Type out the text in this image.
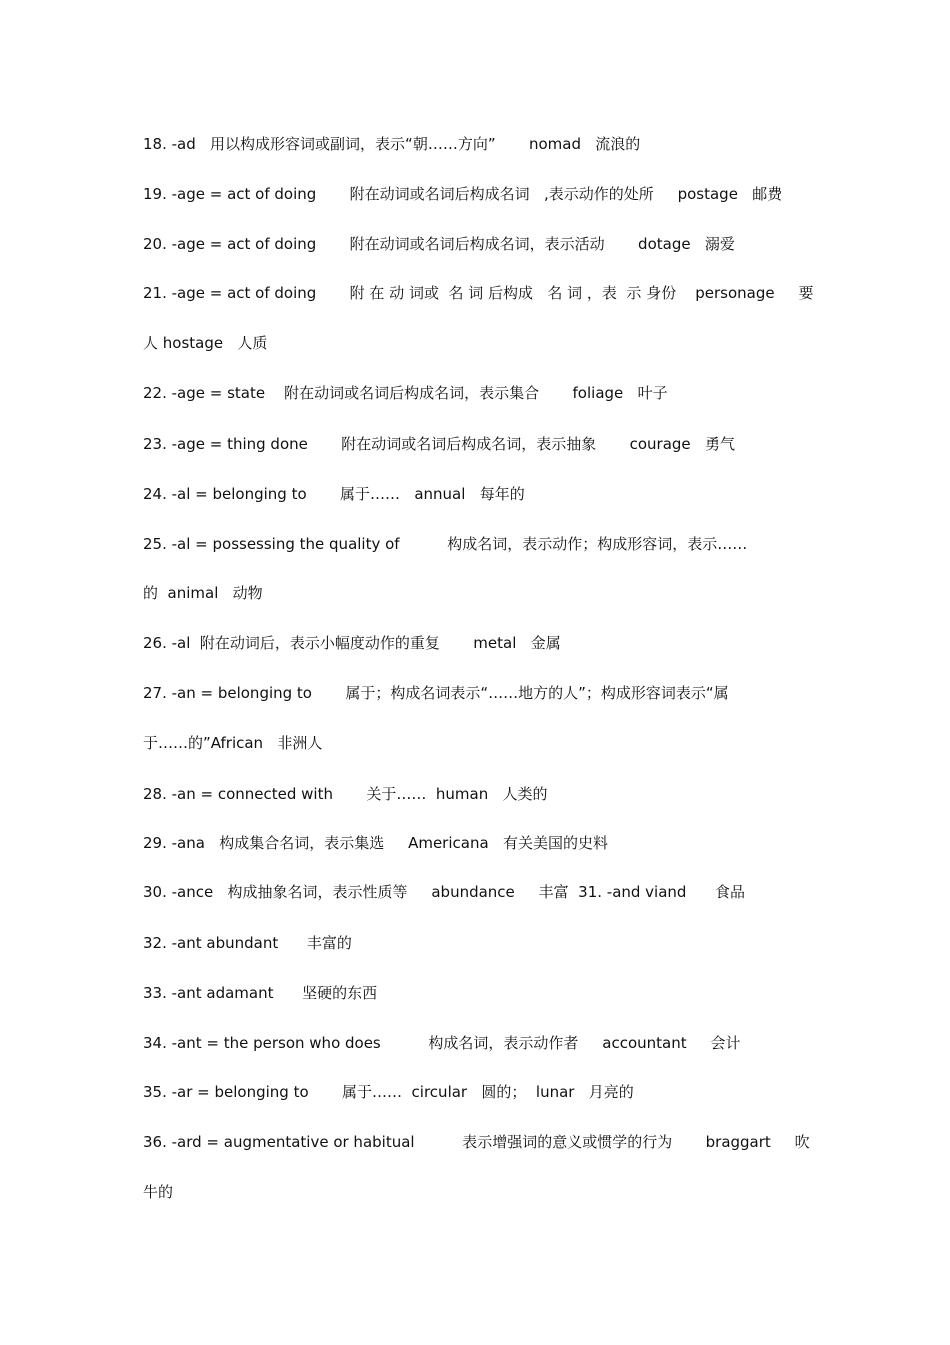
18. -ad   用以构成形容词或副词，表示“朝……方向”       nomad   流浪的
19. -age = act of doing       附在动词或名词后构成名词   ,表示动作的处所     postage   邮费
20. -age = act of doing       附在动词或名词后构成名词，表示活动       dotage   溺爱
21. -age = act of doing       附 在 动 词或  名 词 后构成   名 词 ，表  示 身份    personage     要
人 hostage   人质
22. -age = state    附在动词或名词后构成名词，表示集合       foliage   叶子
23. -age = thing done       附在动词或名词后构成名词，表示抽象       courage   勇气
24. -al = belonging to       属于……   annual   每年的
25. -al = possessing the quality of          构成名词，表示动作；构成形容词，表示……
的  animal   动物
26. -al  附在动词后，表示小幅度动作的重复       metal   金属
27. -an = belonging to       属于；构成名词表示“……地方的人”；构成形容词表示“属
于……的”African   非洲人
28. -an = connected with       关于……  human   人类的
29. -ana   构成集合名词，表示集选     Americana   有关美国的史料
30. -ance   构成抽象名词，表示性质等     abundance     丰富  31. -and viand      食品
32. -ant abundant      丰富的
33. -ant adamant      坚硬的东西
34. -ant = the person who does          构成名词，表示动作者     accountant     会计
35. -ar = belonging to       属于……  circular   圆的；  lunar   月亮的
36. -ard = augmentative or habitual          表示增强词的意义或惯学的行为       braggart     吹
牛的
